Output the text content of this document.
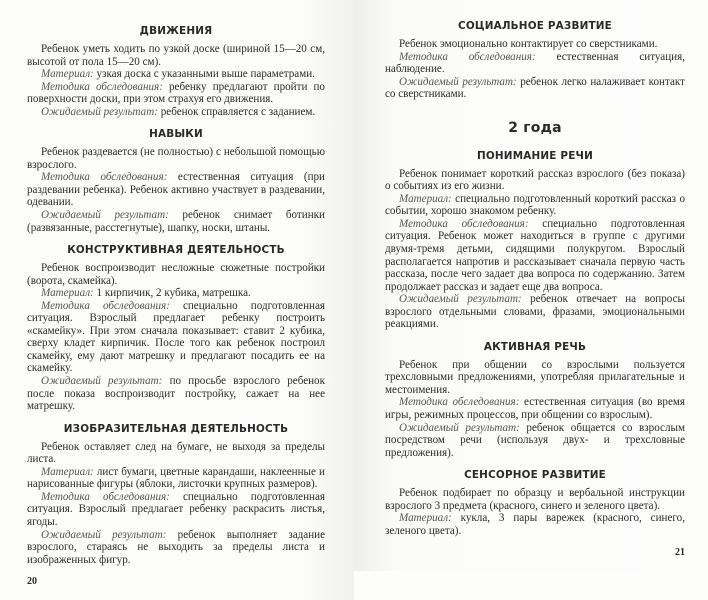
ДВИЖЕНИЯ

Ребенок уметь ходить по узкой доске (шириной 15—20 см, высотой от пола 15—20 см).

Материал: узкая доска с указанными выше параметрами.

Методика обследования: ребенку предлагают пройти по поверхности доски, при этом страхуя его движения.

Ожидаемый результат: ребенок справляется с заданием.

НАВЫКИ

Ребенок раздевается (не полностью) с небольшой помощью взрослого.

Методика обследования: естественная ситуация (при раздевании ребенка). Ребенок активно участвует в раздевании, одевании.

Ожидаемый результат: ребенок снимает ботинки (развязанные, расстегнутые), шапку, носки, штаны.

КОНСТРУКТИВНАЯ ДЕЯТЕЛЬНОСТЬ

Ребенок воспроизводит несложные сюжетные постройки (ворота, скамейка).

Материал: 1 кирпичик, 2 кубика, матрешка.

Методика обследования: специально подготовленная ситуация. Взрослый предлагает ребенку построить «скамейку». При этом сначала показывает: ставит 2 кубика, сверху кладет кирпичик. После того как ребенок построил скамейку, ему дают матрешку и предлагают посадить ее на скамейку.

Ожидаемый результат: по просьбе взрослого ребенок после показа воспроизводит постройку, сажает на нее матрешку.

ИЗОБРАЗИТЕЛЬНАЯ ДЕЯТЕЛЬНОСТЬ

Ребенок оставляет след на бумаге, не выходя за пределы листа.

Материал: лист бумаги, цветные карандаши, наклеенные и нарисованные фигуры (яблоки, листочки крупных размеров).

Методика обследования: специально подготовленная ситуация. Взрослый предлагает ребенку раскрасить листья, ягоды.

Ожидаемый результат: ребенок выполняет задание взрослого, стараясь не выходить за пределы листа и изображенных фигур.

20
СОЦИАЛЬНОЕ РАЗВИТИЕ

Ребенок эмоционально контактирует со сверстниками.

Методика обследования: естественная ситуация, наблюдение.

Ожидаемый результат: ребенок легко налаживает контакт со сверстниками.

2 года
ПОНИМАНИЕ РЕЧИ

Ребенок понимает короткий рассказ взрослого (без показа) о событиях из его жизни.

Материал: специально подготовленный короткий рассказ о событии, хорошо знакомом ребенку.

Методика обследования: специально подготовленная ситуация. Ребенок может находиться в группе с другими двумя-тремя детьми, сидящими полукругом. Взрослый располагается напротив и рассказывает сначала первую часть рассказа, после чего задает два вопроса по содержанию. Затем продолжает рассказ и задает еще два вопроса.

Ожидаемый результат: ребенок отвечает на вопросы взрослого отдельными словами, фразами, эмоциональными реакциями.

АКТИВНАЯ РЕЧЬ

Ребенок при общении со взрослыми пользуется трехсловными предложениями, употребляя прилагательные и местоимения.

Методика обследования: естественная ситуация (во время игры, режимных процессов, при общении со взрослым).

Ожидаемый результат: ребенок общается со взрослым посредством речи (используя двух- и трехсловные предложения).

СЕНСОРНОЕ РАЗВИТИЕ

Ребенок подбирает по образцу и вербальной инструкции взрослого 3 предмета (красного, синего и зеленого цвета).

Материал: кукла, 3 пары варежек (красного, синего, зеленого цвета).

21
